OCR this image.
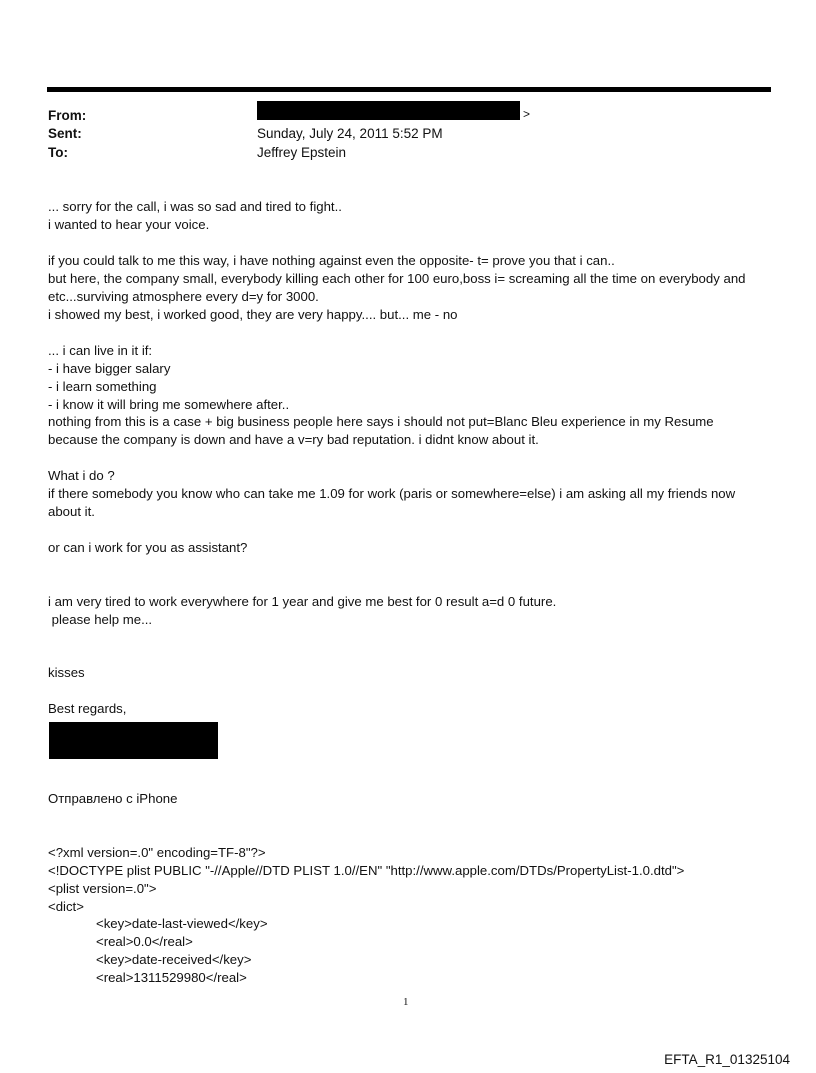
From:	>
Sent:	Sunday, July 24, 2011 5:52 PM
To:	Jeffrey Epstein
... sorry for the call, i was so sad and tired to fight..
i wanted to hear your voice.
if you could talk to me this way, i have nothing against even the opposite- t= prove you that i can..
but here, the company small, everybody killing each other for 100 euro,boss i= screaming all the time on everybody and
etc...surviving atmosphere every d=y for 3000.
i showed my best, i worked good, they are very happy.... but... me - no
... i can live in it if:
- i have bigger salary
- i learn something
- i know it will bring me somewhere after..
nothing from this is a case + big business people here says i should not put=Blanc Bleu experience in my Resume
because the company is down and have a v=ry bad reputation. i didnt know about it.
What i do ?
if there somebody you know who can take me 1.09 for work (paris or somewhere=else) i am asking all my friends now
about it.
or can i work for you as assistant?
i am very tired to work everywhere for 1 year and give me best for 0 result a=d 0 future.
please help me...
kisses
Best regards,
Отправлено с iPhone
<?xml version=.0" encoding=TF-8"?>
<!DOCTYPE plist PUBLIC "-//Apple//DTD PLIST 1.0//EN" "http://www.apple.com/DTDs/PropertyList-1.0.dtd">
<plist version=.0">
<dict>
<key>date-last-viewed</key>
<real>0.0</real>
<key>date-received</key>
<real>1311529980</real>
1
EFTA_R1_01325104
